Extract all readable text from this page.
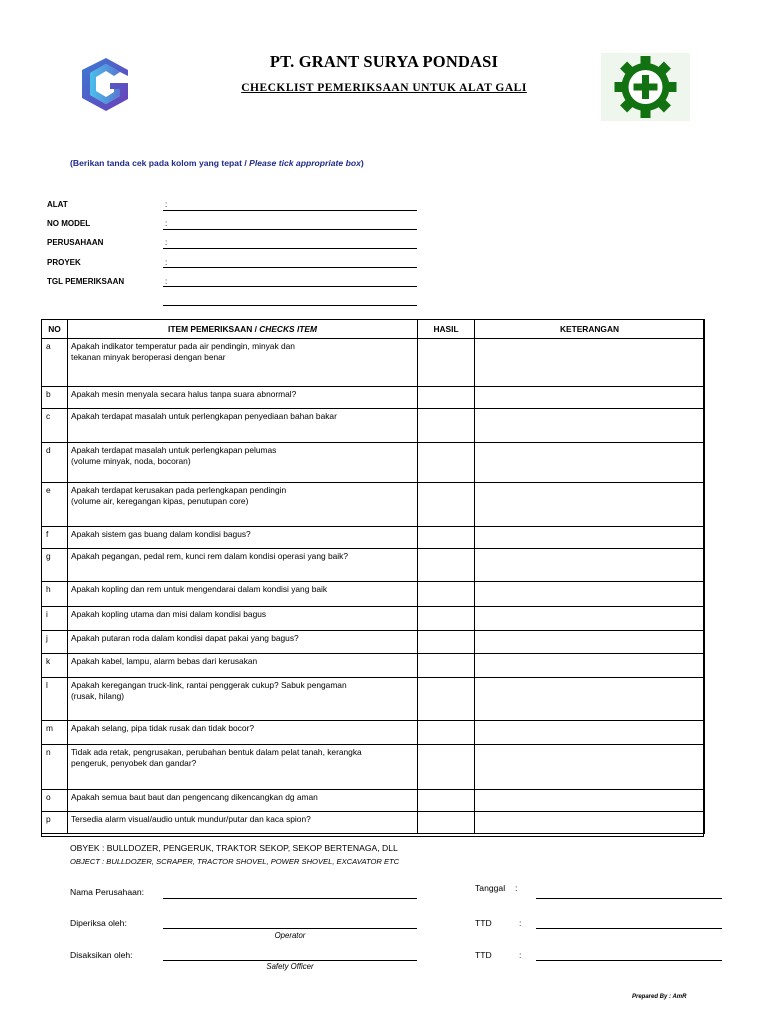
PT. GRANT SURYA PONDASI
CHECKLIST PEMERIKSAAN UNTUK ALAT GALI
(Berikan tanda cek pada kolom yang tepat / Please tick appropriate box)
ALAT	:
NO MODEL	:
PERUSAHAAN	:
PROYEK	:
TGL PEMERIKSAAN	:
NO	ITEM PEMERIKSAAN / CHECKS ITEM	HASIL	KETERANGAN
a	Apakah indikator temperatur pada air pendingin, minyak dan
tekanan minyak beroperasi dengan benar		

b	Apakah mesin menyala secara halus tanpa suara abnormal?		

c	Apakah terdapat masalah untuk perlengkapan penyediaan bahan bakar		

d	Apakah terdapat masalah untuk perlengkapan pelumas
(volume minyak, noda, bocoran)		

e	Apakah terdapat kerusakan pada perlengkapan pendingin
(volume air, keregangan kipas, penutupan core)		

f	Apakah sistem gas buang dalam kondisi bagus?		

g	Apakah pegangan, pedal rem, kunci rem dalam kondisi operasi yang baik?		

h	Apakah kopling dan rem untuk mengendarai dalam kondisi yang baik		

i	Apakah kopling utama dan misi dalam kondisi bagus		

j	Apakah putaran roda dalam kondisi dapat pakai yang bagus?		

k	Apakah kabel, lampu, alarm bebas dari kerusakan		

l	Apakah keregangan truck-link, rantai penggerak cukup? Sabuk pengaman
(rusak, hilang)		

m	Apakah selang, pipa tidak rusak dan tidak bocor?		

n	Tidak ada retak, pengrusakan, perubahan bentuk dalam pelat tanah, kerangka
pengeruk, penyobek dan gandar?		

o	Apakah semua baut baut dan pengencang dikencangkan dg aman		

p	Tersedia alarm visual/audio untuk mundur/putar dan kaca spion?		

OBYEK : BULLDOZER, PENGERUK, TRAKTOR SEKOP, SEKOP BERTENAGA, DLL
OBJECT : BULLDOZER, SCRAPER, TRACTOR SHOVEL, POWER SHOVEL, EXCAVATOR ETC
Nama Perusahaan:
Diperiksa oleh:
Operator
Disaksikan oleh:
Safety Officer
Tanggal :
TTD	:
TTD	:
Prepared By : AmR
